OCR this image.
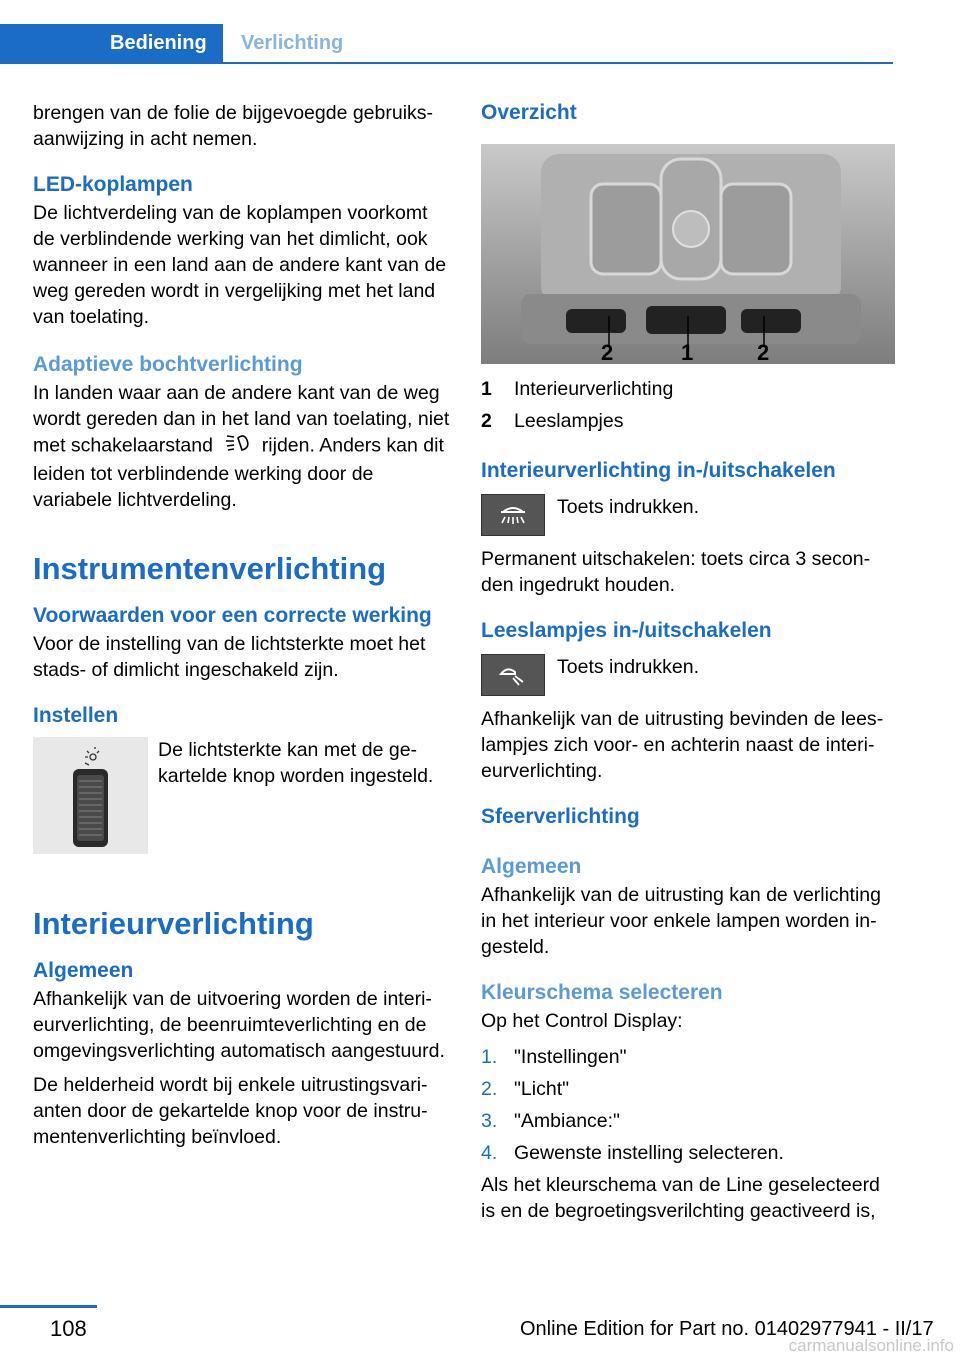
Bediening	Verlichting

brengen van de folie de bijgevoegde gebruiksaanwijzing in acht nemen.

LED-koplampen

De lichtverdeling van de koplampen voorkomt de verblindende werking van het dimlicht, ook wanneer in een land aan de andere kant van de weg gereden wordt in vergelijking met het land van toelating.

Adaptieve bochtverlichting

In landen waar aan de andere kant van de weg wordt gereden dan in het land van toelating, niet met schakelaarstand	rijden. Anders kan dit leiden tot verblindende werking door de variabele lichtverdeling.

Instrumentenverlichting
Voorwaarden voor een correcte werking

Voor de instelling van de lichtsterkte moet het stads- of dimlicht ingeschakeld zijn.

Instellen

De lichtsterkte kan met de gekartelde knop worden ingesteld.

Interieurverlichting
Algemeen

Afhankelijk van de uitvoering worden de interieurverlichting, de beenruimteverlichting en de omgevingsverlichting automatisch aangestuurd.

De helderheid wordt bij enkele uitrustingsvarianten door de gekartelde knop voor de instrumentenverlichting beïnvloed.

Overzicht
2	1	2
1	Interieurverlichting
2	Leeslampjes
Interieurverlichting in-/uitschakelen

Toets indrukken.

Permanent uitschakelen: toets circa 3 seconden ingedrukt houden.

Leeslampjes in-/uitschakelen

Toets indrukken.

Afhankelijk van de uitrusting bevinden de leeslampjes zich voor- en achterin naast de interieurverlichting.

Sfeerverlichting
Algemeen

Afhankelijk van de uitrusting kan de verlichting in het interieur voor enkele lampen worden ingesteld.

Kleurschema selecteren

Op het Control Display:

1. "Instellingen"
2. "Licht"
3. "Ambiance:"
4. Gewenste instelling selecteren.

Als het kleurschema van de Line geselecteerd is en de begroetingsverilchting geactiveerd is,

108	Online Edition for Part no. 01402977941 - II/17
carmanualsonline.info
